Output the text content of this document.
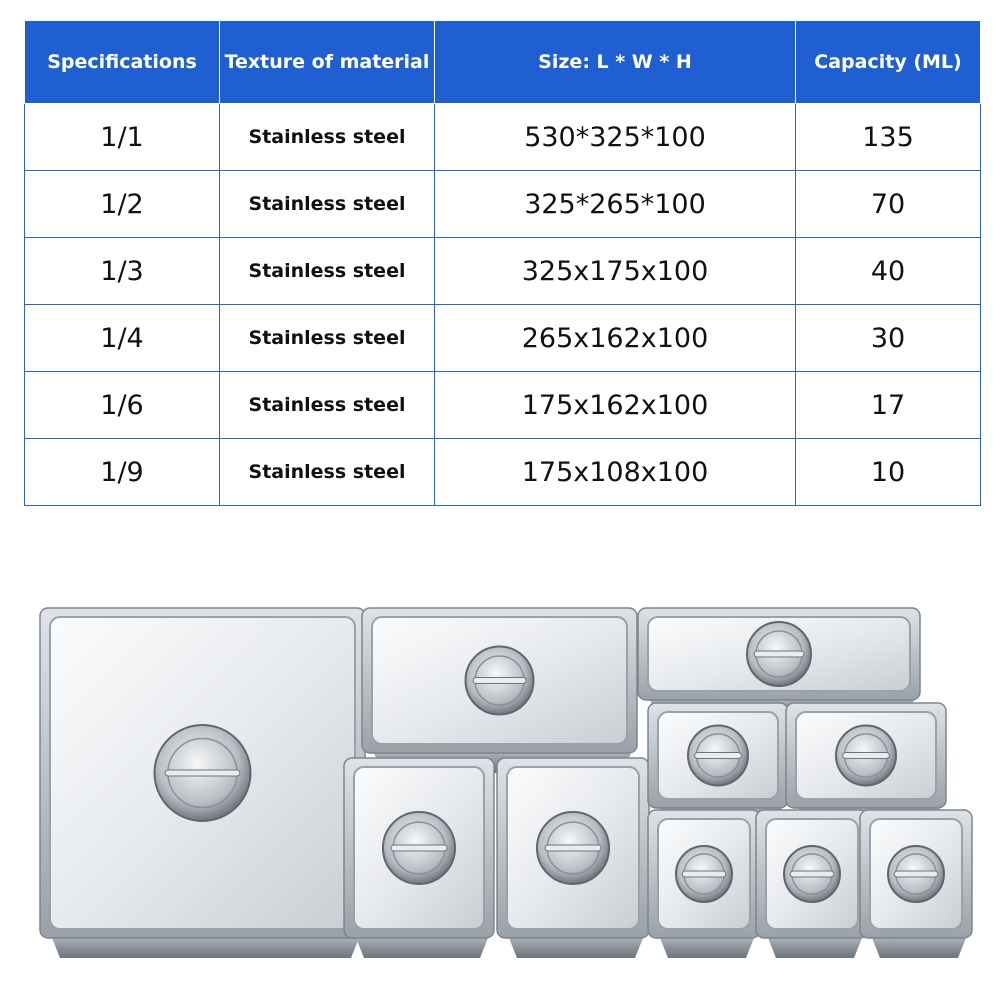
Specifications	Texture of material	Size: L * W * H	Capacity (ML)
1/1	Stainless steel	530*325*100	135
1/2	Stainless steel	325*265*100	70
1/3	Stainless steel	325x175x100	40
1/4	Stainless steel	265x162x100	30
1/6	Stainless steel	175x162x100	17
1/9	Stainless steel	175x108x100	10
